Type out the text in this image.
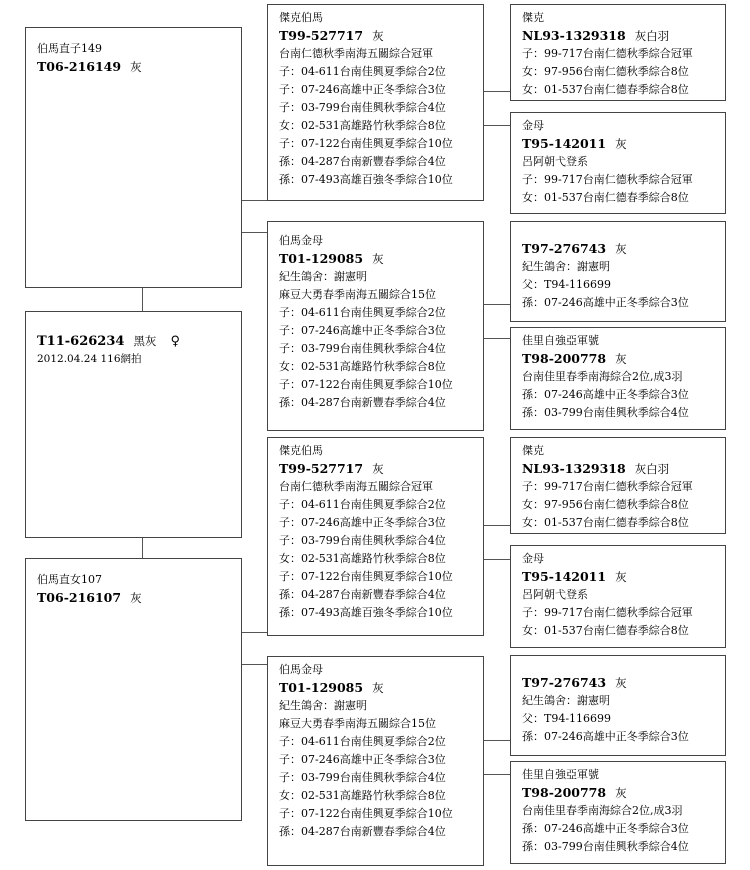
伯馬直子149
T06-216149 灰
T11-626234 黑灰 ♀
2012.04.24 116網拍
伯馬直女107
T06-216107 灰
傑克伯馬
T99-527717 灰
台南仁德秋季南海五關綜合冠軍
子：04-611台南佳興夏季綜合2位
子：07-246高雄中正冬季綜合3位
子：03-799台南佳興秋季綜合4位
女：02-531高雄路竹秋季綜合8位
子：07-122台南佳興夏季綜合10位
孫：04-287台南新豐春季綜合4位
孫：07-493高雄百強冬季綜合10位
伯馬金母
T01-129085 灰
紀生鴿舍：謝憲明
麻豆大勇春季南海五關綜合15位
子：04-611台南佳興夏季綜合2位
子：07-246高雄中正冬季綜合3位
子：03-799台南佳興秋季綜合4位
女：02-531高雄路竹秋季綜合8位
子：07-122台南佳興夏季綜合10位
孫：04-287台南新豐春季綜合4位
傑克伯馬
T99-527717 灰
台南仁德秋季南海五關綜合冠軍
子：04-611台南佳興夏季綜合2位
子：07-246高雄中正冬季綜合3位
子：03-799台南佳興秋季綜合4位
女：02-531高雄路竹秋季綜合8位
子：07-122台南佳興夏季綜合10位
孫：04-287台南新豐春季綜合4位
孫：07-493高雄百強冬季綜合10位
伯馬金母
T01-129085 灰
紀生鴿舍：謝憲明
麻豆大勇春季南海五關綜合15位
子：04-611台南佳興夏季綜合2位
子：07-246高雄中正冬季綜合3位
子：03-799台南佳興秋季綜合4位
女：02-531高雄路竹秋季綜合8位
子：07-122台南佳興夏季綜合10位
孫：04-287台南新豐春季綜合4位
傑克
NL93-1329318 灰白羽
子：99-717台南仁德秋季綜合冠軍
女：97-956台南仁德秋季綜合8位
女：01-537台南仁德春季綜合8位
金母
T95-142011 灰
呂阿朝弋登系
子：99-717台南仁德秋季綜合冠軍
女：01-537台南仁德春季綜合8位
T97-276743 灰
紀生鴿舍：謝憲明
父：T94-116699
孫：07-246高雄中正冬季綜合3位
佳里自強亞軍號
T98-200778 灰
台南佳里春季南海綜合2位,成3羽
孫：07-246高雄中正冬季綜合3位
孫：03-799台南佳興秋季綜合4位
傑克
NL93-1329318 灰白羽
子：99-717台南仁德秋季綜合冠軍
女：97-956台南仁德秋季綜合8位
女：01-537台南仁德春季綜合8位
金母
T95-142011 灰
呂阿朝弋登系
子：99-717台南仁德秋季綜合冠軍
女：01-537台南仁德春季綜合8位
T97-276743 灰
紀生鴿舍：謝憲明
父：T94-116699
孫：07-246高雄中正冬季綜合3位
佳里自強亞軍號
T98-200778 灰
台南佳里春季南海綜合2位,成3羽
孫：07-246高雄中正冬季綜合3位
孫：03-799台南佳興秋季綜合4位
